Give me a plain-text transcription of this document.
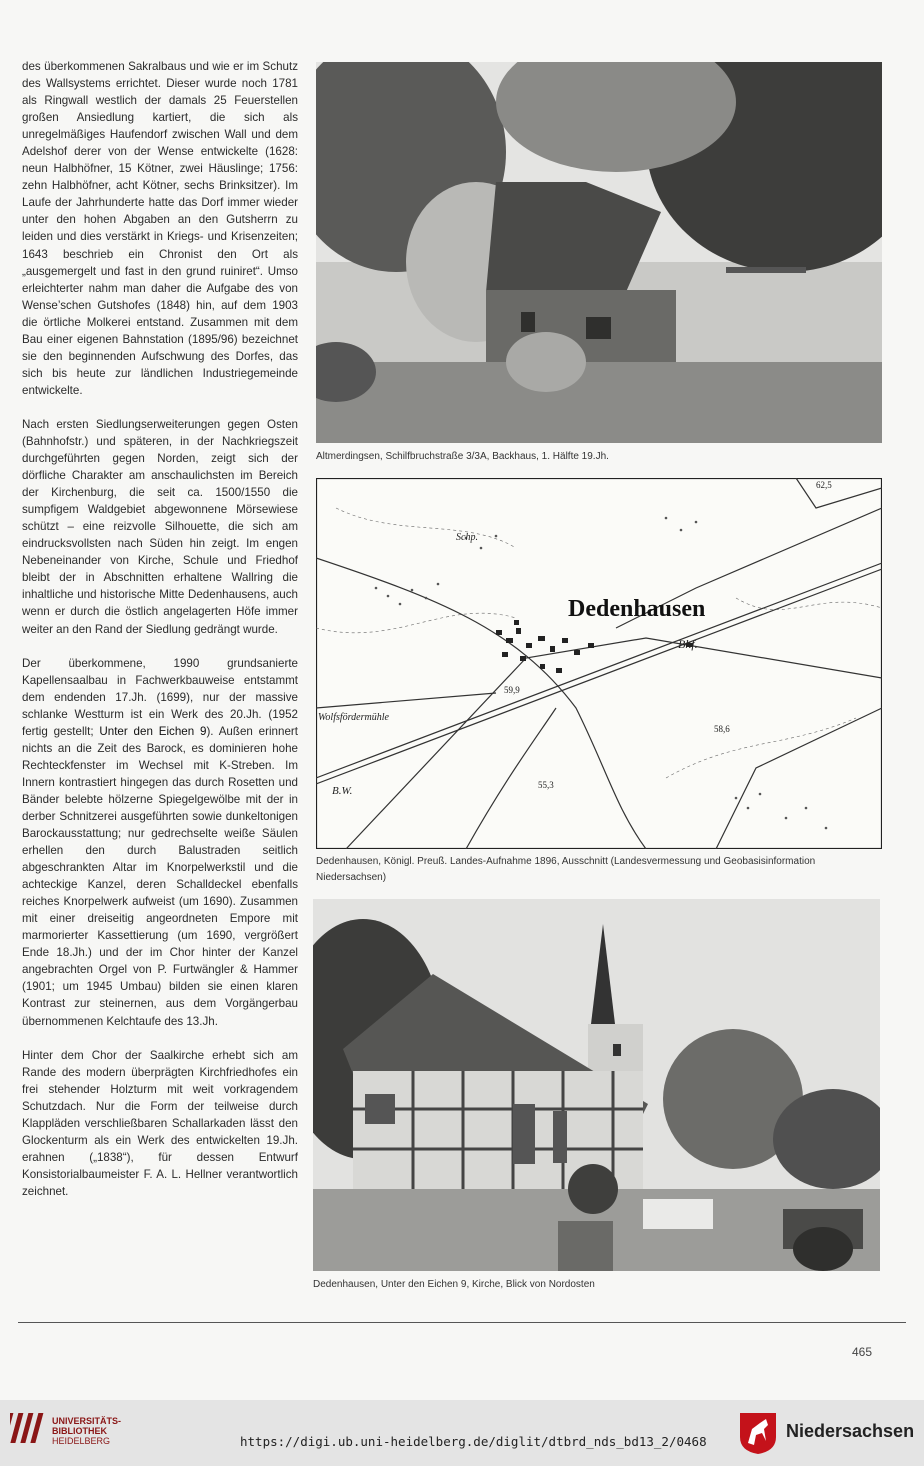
des überkommenen Sakralbaus und wie er im Schutz des Wallsystems errichtet. Dieser wurde noch 1781 als Ringwall westlich der damals 25 Feuerstellen großen Ansiedlung kartiert, die sich als unregelmäßiges Haufendorf zwischen Wall und dem Adelshof derer von der Wense entwickelte (1628: neun Halbhöfner, 15 Kötner, zwei Häuslinge; 1756: zehn Halbhöfner, acht Kötner, sechs Brinksitzer). Im Laufe der Jahrhunderte hatte das Dorf immer wieder unter den hohen Abgaben an den Gutsherrn zu leiden und dies verstärkt in Kriegs- und Krisenzeiten; 1643 beschrieb ein Chronist den Ort als „ausgemergelt und fast in den grund ruiniret“. Umso erleichterter nahm man daher die Aufgabe des von Wense’schen Gutshofes (1848) hin, auf dem 1903 die örtliche Molkerei entstand. Zusammen mit dem Bau einer eigenen Bahnstation (1895/96) bezeichnet sie den beginnenden Aufschwung des Dorfes, das sich bis heute zur ländlichen Industriegemeinde entwickelte.

Nach ersten Siedlungserweiterungen gegen Osten (Bahnhofstr.) und späteren, in der Nachkriegszeit durchgeführten gegen Norden, zeigt sich der dörfliche Charakter am anschaulichsten im Bereich der Kirchenburg, die seit ca. 1500/1550 die sumpfigem Waldgebiet abgewonnene Mörsewiese schützt – eine reizvolle Silhouette, die sich am eindrucksvollsten nach Süden hin zeigt. Im engen Nebeneinander von Kirche, Schule und Friedhof bleibt der in Abschnitten erhaltene Wallring die inhaltliche und historische Mitte Dedenhausens, auch wenn er durch die östlich angelagerten Höfe immer weiter an den Rand der Siedlung gedrängt wurde.

Der überkommene, 1990 grundsanierte Kapellensaalbau in Fachwerkbauweise entstammt dem endenden 17.Jh. (1699), nur der massive schlanke Westturm ist ein Werk des 20.Jh. (1952 fertig gestellt; Unter den Eichen 9). Außen erinnert nichts an die Zeit des Barock, es dominieren hohe Rechteckfenster im Wechsel mit K-Streben. Im Innern kontrastiert hingegen das durch Rosetten und Bänder belebte hölzerne Spiegelgewölbe mit der in derber Schnitzerei ausgeführten sowie dunkeltonigen Barockausstattung; nur gedrechselte weiße Säulen erhellen den durch Balustraden seitlich abgeschrankten Altar im Knorpelwerkstil und die achteckige Kanzel, deren Schalldeckel ebenfalls reiches Knorpelwerk aufweist (um 1690). Zusammen mit einer dreiseitig angeordneten Empore mit marmorierter Kassettierung (um 1690, vergrößert Ende 18.Jh.) und der im Chor hinter der Kanzel angebrachten Orgel von P. Furtwängler & Hammer (1901; um 1945 Umbau) bilden sie einen klaren Kontrast zur steinernen, aus dem Vorgängerbau übernommenen Kelchtaufe des 13.Jh.

Hinter dem Chor der Saalkirche erhebt sich am Rande des modern überprägten Kirchfriedhofes ein frei stehender Holzturm mit weit vorkragendem Schutzdach. Nur die Form der teilweise durch Klappläden verschließbaren Schallarkaden lässt den Glockenturm als ein Werk des entwickelten 19.Jh. erahnen („1838“), für dessen Entwurf Konsistorialbaumeister F. A. L. Hellner verantwortlich zeichnet.

Altmerdingsen, Schilfbruchstraße 3/3A, Backhaus, 1. Hälfte 19.Jh.
Dedenhausen
Bhf.
Schp.
Wolfsfördermühle
B.W.
58,6
59,9
55,3
62,5
Dedenhausen, Königl. Preuß. Landes-Aufnahme 1896, Ausschnitt (Landesvermessung und Geobasisinformation Niedersachsen)
Dedenhausen, Unter den Eichen 9, Kirche, Blick von Nordosten
465
UNIVERSITÄTS-
BIBLIOTHEK
HEIDELBERG	https://digi.ub.uni-heidelberg.de/diglit/dtbrd_nds_bd13_2/0468
Niedersachsen
